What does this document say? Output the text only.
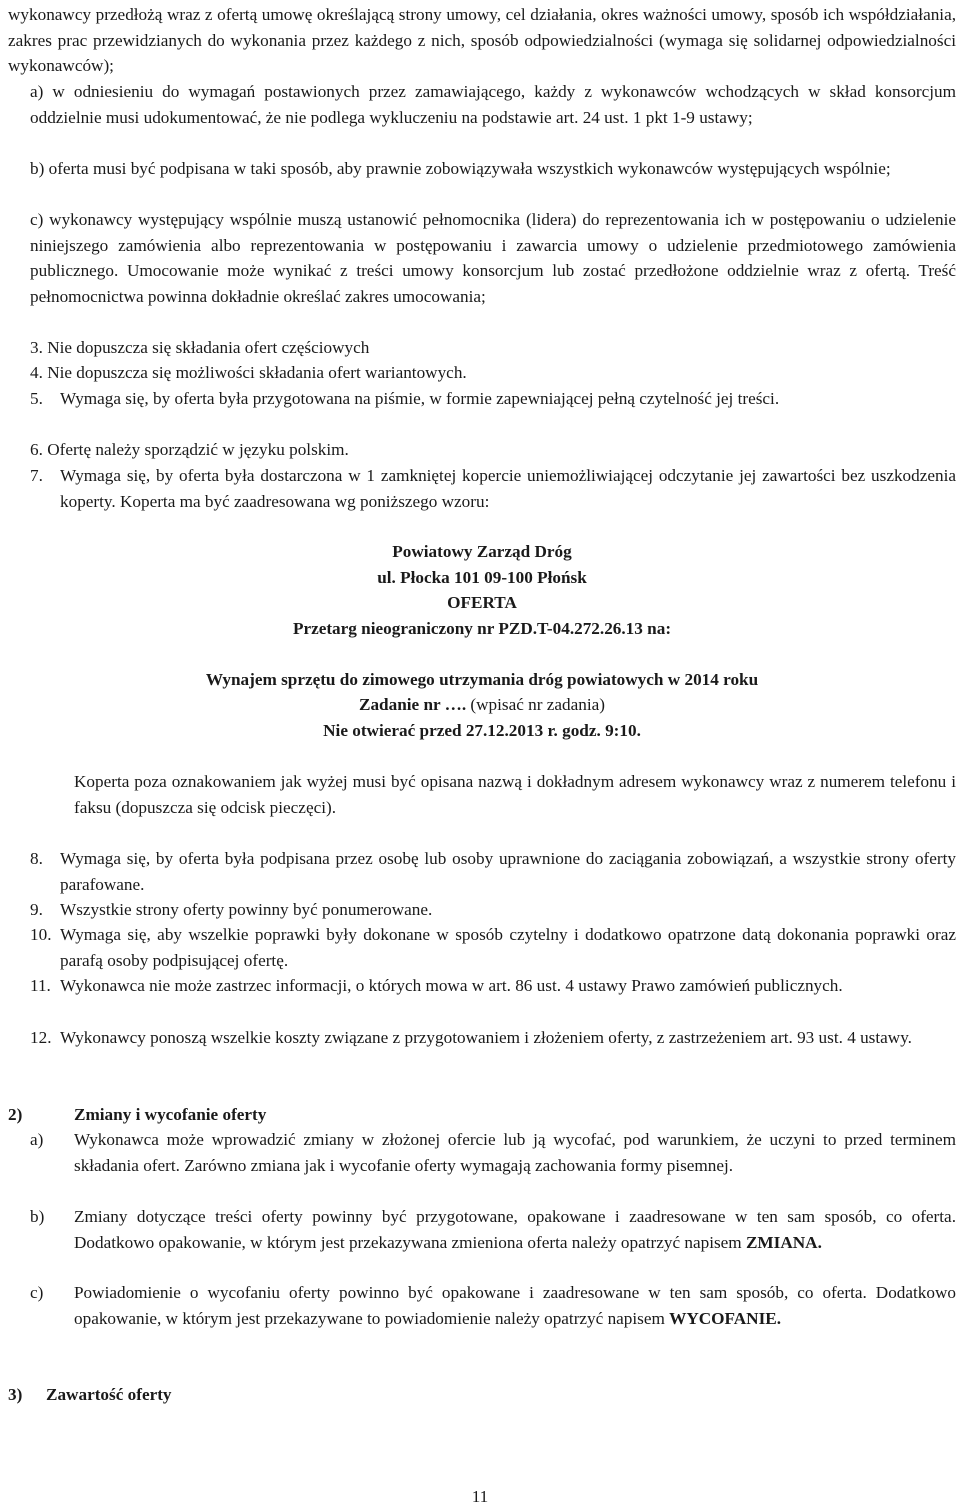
wykonawcy przedłożą wraz z ofertą umowę określającą strony umowy, cel działania, okres ważności umowy, sposób ich współdziałania, zakres prac przewidzianych do wykonania przez każdego z nich, sposób odpowiedzialności (wymaga się solidarnej odpowiedzialności wykonawców);

a) w odniesieniu do wymagań postawionych przez zamawiającego, każdy z wykonawców wchodzących w skład konsorcjum oddzielnie musi udokumentować, że nie podlega wykluczeniu na podstawie art. 24 ust. 1 pkt 1-9 ustawy;

b) oferta musi być podpisana w taki sposób, aby prawnie zobowiązywała wszystkich wykonawców występujących wspólnie;

c) wykonawcy występujący wspólnie muszą ustanowić pełnomocnika (lidera) do reprezentowania ich w postępowaniu o udzielenie niniejszego zamówienia albo reprezentowania w postępowaniu i zawarcia umowy o udzielenie przedmiotowego zamówienia publicznego. Umocowanie może wynikać z treści umowy konsorcjum lub zostać przedłożone oddzielnie wraz z ofertą. Treść pełnomocnictwa powinna dokładnie określać zakres umocowania;

3. Nie dopuszcza się składania ofert częściowych

4. Nie dopuszcza się możliwości składania ofert wariantowych.

5. Wymaga się, by oferta była przygotowana na piśmie, w formie zapewniającej pełną czytelność jej treści.

6. Ofertę należy sporządzić w języku polskim.

7. Wymaga się, by oferta była dostarczona w 1 zamkniętej kopercie uniemożliwiającej odczytanie jej zawartości bez uszkodzenia koperty. Koperta ma być zaadresowana wg poniższego wzoru:

Powiatowy Zarząd Dróg
ul. Płocka 101 09-100 Płońsk
OFERTA
Przetarg nieograniczony nr PZD.T-04.272.26.13 na:
Wynajem sprzętu do zimowego utrzymania dróg powiatowych w 2014 roku
Zadanie nr …. (wpisać nr zadania)
Nie otwierać przed 27.12.2013 r. godz. 9:10.

Koperta poza oznakowaniem jak wyżej musi być opisana nazwą i dokładnym adresem wykonawcy wraz z numerem telefonu i faksu (dopuszcza się odcisk pieczęci).

8. Wymaga się, by oferta była podpisana przez osobę lub osoby uprawnione do zaciągania zobowiązań, a wszystkie strony oferty parafowane.

9. Wszystkie strony oferty powinny być ponumerowane.

10. Wymaga się, aby wszelkie poprawki były dokonane w sposób czytelny i dodatkowo opatrzone datą dokonania poprawki oraz parafą osoby podpisującej ofertę.

11. Wykonawca nie może zastrzec informacji, o których mowa w art. 86 ust. 4 ustawy Prawo zamówień publicznych.

12. Wykonawcy ponoszą wszelkie koszty związane z przygotowaniem i złożeniem oferty, z zastrzeżeniem art. 93 ust. 4 ustawy.

2)	Zmiany i wycofanie oferty
a) Wykonawca może wprowadzić zmiany w złożonej ofercie lub ją wycofać, pod warunkiem, że uczyni to przed terminem składania ofert. Zarówno zmiana jak i wycofanie oferty wymagają zachowania formy pisemnej.

b) Zmiany dotyczące treści oferty powinny być przygotowane, opakowane i zaadresowane w ten sam sposób, co oferta. Dodatkowo opakowanie, w którym jest przekazywana zmieniona oferta należy opatrzyć napisem ZMIANA.

c) Powiadomienie o wycofaniu oferty powinno być opakowane i zaadresowane w ten sam sposób, co oferta. Dodatkowo opakowanie, w którym jest przekazywane to powiadomienie należy opatrzyć napisem WYCOFANIE.

3) Zawartość oferty
11
